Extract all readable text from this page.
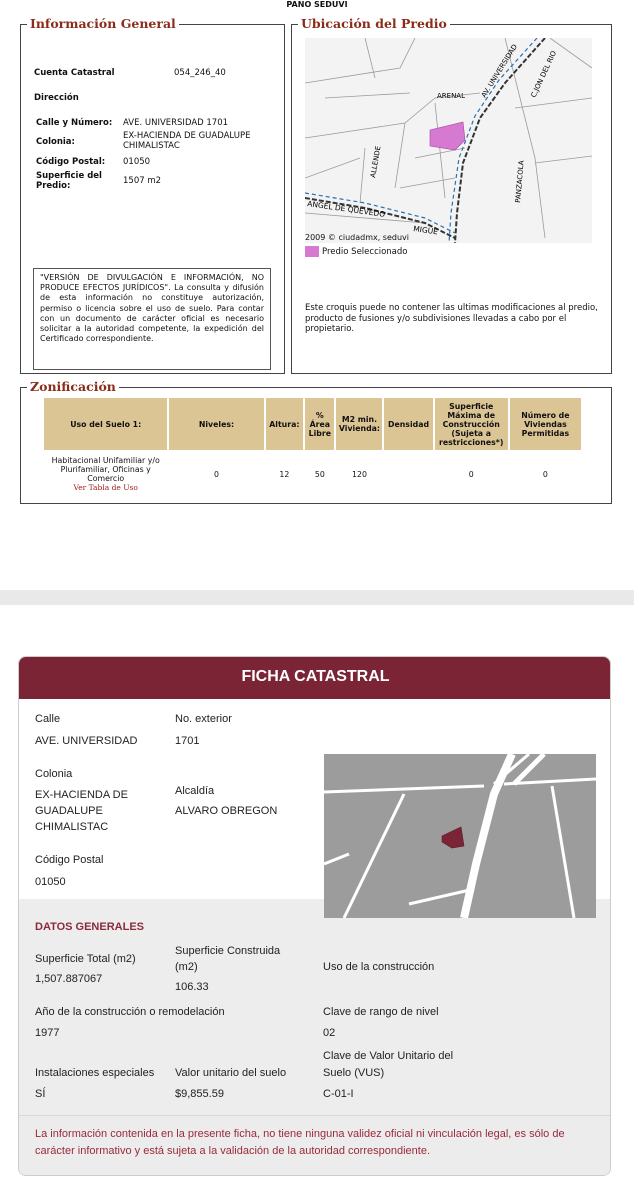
PANO SEDUVI
Información General
Cuenta Catastral	054_246_40
Dirección
Calle y Número: AVE. UNIVERSIDAD 1701
Colonia:
EX-HACIENDA DE GUADALUPE
CHIMALISTAC
Código Postal: 01050
Superficie del
Predio:	1507 m2
"VERSIÓN DE DIVULGACIÓN E INFORMACIÓN, NO PRODUCE EFECTOS JURÍDICOS". La consulta y difusión de esta información no constituye autorización, permiso o licencia sobre el uso de suelo. Para contar con un documento de carácter oficial es necesario solicitar a la autoridad competente, la expedición del Certificado correspondiente.
Ubicación del Predio
AV. UNIVERSIDAD
ARENAL	C.JON DEL RIO
ALLENDE	PANZACOLA
ANGEL DE QUEVEDO
MIGUE
2009 © ciudadmx, seduvi
Predio Seleccionado
Este croquis puede no contener las ultimas modificaciones al predio, producto de fusiones y/o subdivisiones llevadas a cabo por el propietario.
Zonificación
Uso del Suelo 1:	Niveles:	Altura:	% Área Libre	M2 min. Vivienda:	Densidad	Superficie Máxima de Construcción (Sujeta a restricciones*)	Número de Viviendas Permitidas

Habitacional Unifamiliar y/o Plurifamiliar, Oficinas y Comercio
Ver Tabla de Uso	0	12	50	120		0	0
FICHA CATASTRAL
Calle
AVE. UNIVERSIDAD
No. exterior
1701
Colonia
EX-HACIENDA DE
GUADALUPE
CHIMALISTAC
Alcaldía
ALVARO OBREGON
Código Postal
01050
DATOS GENERALES
Superficie Total (m2)
1,507.887067
Superficie Construida
(m2)
106.33
Uso de la construcción
Año de la construcción o remodelación
1977
Clave de rango de nivel
02
Instalaciones especiales
SÍ
Valor unitario del suelo
$9,855.59
Clave de Valor Unitario del
Suelo (VUS)
C-01-I
La información contenida en la presente ficha, no tiene ninguna validez oficial ni vinculación legal, es sólo de carácter informativo y está sujeta a la validación de la autoridad correspondiente.
